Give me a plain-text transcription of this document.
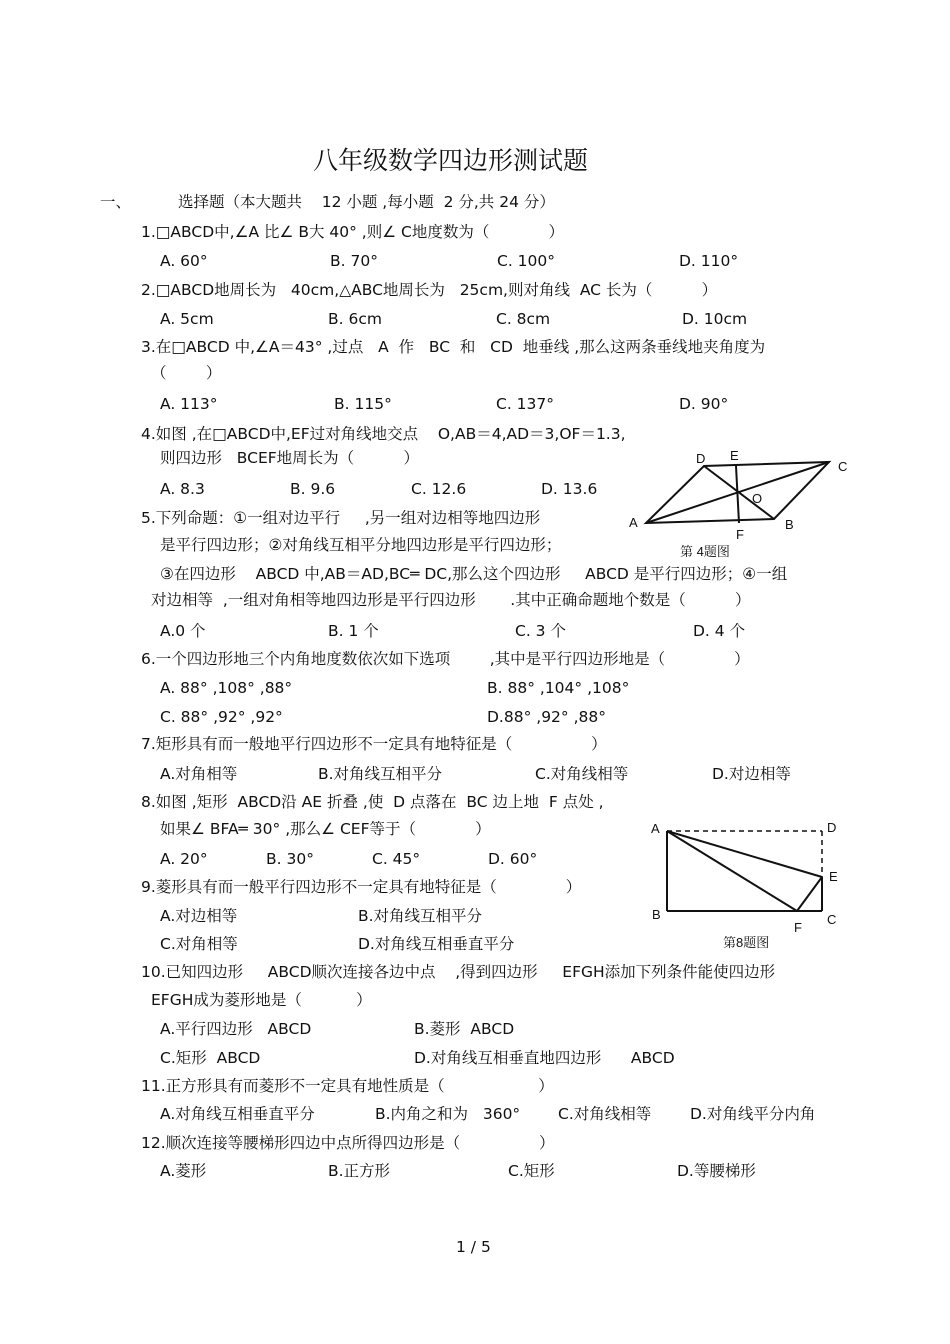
八年级数学四边形测试题
一、	选择题（本大题共    12 小题 ,每小题  2 分,共 24 分）
1.□ABCD中,∠A 比∠ B大 40° ,则∠ C地度数为（            ）
A. 60°	B. 70°	C. 100°	D. 110°
2.□ABCD地周长为   40cm,△ABC地周长为   25cm,则对角线  AC 长为（          ）
A. 5cm	B. 6cm	C. 8cm	D. 10cm
3.在□ABCD 中,∠A＝43° ,过点   A  作   BC  和   CD  地垂线 ,那么这两条垂线地夹角度为
（        ）
A. 113°	B. 115°	C. 137°	D. 90°
4.如图 ,在□ABCD中,EF过对角线地交点    O,AB＝4,AD＝3,OF＝1.3,
则四边形   BCEF地周长为（          ）
A. 8.3	B. 9.6	C. 12.6	D. 13.6
D E
C
O
A	B
F
第 4题图
5.下列命题：①一组对边平行     ,另一组对边相等地四边形
是平行四边形；②对角线互相平分地四边形是平行四边形；
③在四边形    ABCD 中,AB＝AD,BC═ DC,那么这个四边形     ABCD 是平行四边形；④一组
对边相等  ,一组对角相等地四边形是平行四边形       .其中正确命题地个数是（          ）
A.0 个	B. 1 个	C. 3 个	D. 4 个
6.一个四边形地三个内角地度数依次如下选项        ,其中是平行四边形地是（              ）
A. 88° ,108° ,88°	B. 88° ,104° ,108°
C. 88° ,92° ,92°	D.88° ,92° ,88°
7.矩形具有而一般地平行四边形不一定具有地特征是（                ）
A.对角相等	B.对角线互相平分	C.对角线相等	D.对边相等
8.如图 ,矩形  ABCD沿 AE 折叠 ,使  D 点落在  BC 边上地  F 点处 ,
如果∠ BFA═ 30° ,那么∠ CEF等于（            ）
A. 20°	B. 30°	C. 45°	D. 60°
A	D
E
B	C
F
第8题图
9.菱形具有而一般平行四边形不一定具有地特征是（              ）
A.对边相等	B.对角线互相平分
C.对角相等	D.对角线互相垂直平分
10.已知四边形     ABCD顺次连接各边中点    ,得到四边形     EFGH添加下列条件能使四边形
EFGH成为菱形地是（           ）
A.平行四边形   ABCD	B.菱形  ABCD
C.矩形  ABCD	D.对角线互相垂直地四边形      ABCD
11.正方形具有而菱形不一定具有地性质是（                   ）
A.对角线互相垂直平分	B.内角之和为   360° C.对角线相等 D.对角线平分内角
12.顺次连接等腰梯形四边中点所得四边形是（                ）
A.菱形	B.正方形	C.矩形	D.等腰梯形
1 / 5
